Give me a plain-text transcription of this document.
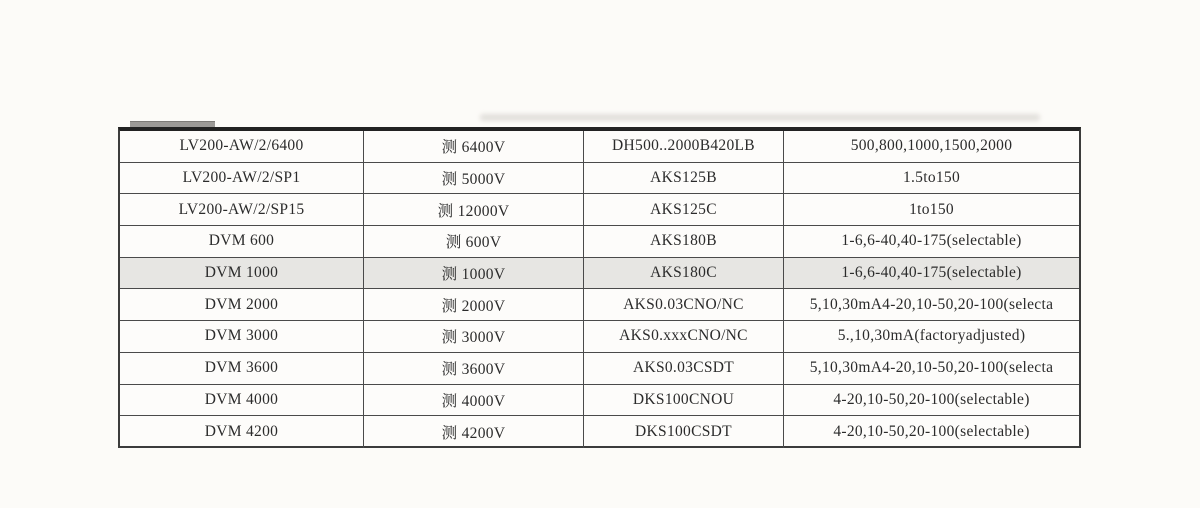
LV200-AW/2/6400	测 6400V	DH500..2000B420LB	500,800,1000,1500,2000
LV200-AW/2/SP1	测 5000V	AKS125B	1.5to150
LV200-AW/2/SP15	测 12000V	AKS125C	1to150
DVM 600	测 600V	AKS180B	1-6,6-40,40-175(selectable)
DVM 1000	测 1000V	AKS180C	1-6,6-40,40-175(selectable)
DVM 2000	测 2000V	AKS0.03CNO/NC	5,10,30mA4-20,10-50,20-100(selecta
DVM 3000	测 3000V	AKS0.xxxCNO/NC	5.,10,30mA(factoryadjusted)
DVM 3600	测 3600V	AKS0.03CSDT	5,10,30mA4-20,10-50,20-100(selecta
DVM 4000	测 4000V	DKS100CNOU	4-20,10-50,20-100(selectable)
DVM 4200	测 4200V	DKS100CSDT	4-20,10-50,20-100(selectable)
